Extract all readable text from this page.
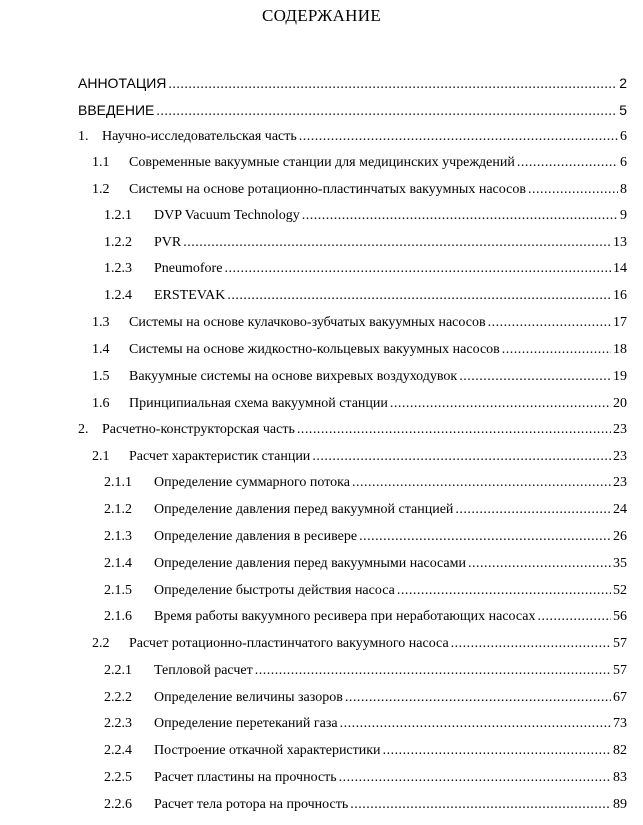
СОДЕРЖАНИЕ
АННОТАЦИЯ .....	2
ВВЕДЕНИЕ .....	5
1. Научно-исследовательская часть .....	6
1.1	Современные вакуумные станции для медицинских учреждений .....	6
1.2	Системы на основе ротационно-пластинчатых вакуумных насосов .....	8
1.2.1	DVP Vacuum Technology .....	9
1.2.2	PVR .....	13
1.2.3	Pneumofore .....	14
1.2.4	ERSTEVAK .....	16
1.3	Системы на основе кулачково-зубчатых вакуумных насосов .....	17
1.4	Системы на основе жидкостно-кольцевых вакуумных насосов .....	18
1.5	Вакуумные системы на основе вихревых воздуходувок .....	19
1.6	Принципиальная схема вакуумной станции .....	20
2. Расчетно-конструкторская часть .....	23
2.1	Расчет характеристик станции .....	23
2.1.1	Определение суммарного потока .....	23
2.1.2	Определение давления перед вакуумной станцией .....	24
2.1.3	Определение давления в ресивере .....	26
2.1.4	Определение давления перед вакуумными насосами .....	35
2.1.5	Определение быстроты действия насоса .....	52
2.1.6	Время работы вакуумного ресивера при неработающих насосах .....	56
2.2	Расчет ротационно-пластинчатого вакуумного насоса .....	57
2.2.1	Тепловой расчет .....	57
2.2.2	Определение величины зазоров .....	67
2.2.3	Определение перетеканий газа .....	73
2.2.4	Построение откачной характеристики .....	82
2.2.5	Расчет пластины на прочность .....	83
2.2.6	Расчет тела ротора на прочность .....	89
